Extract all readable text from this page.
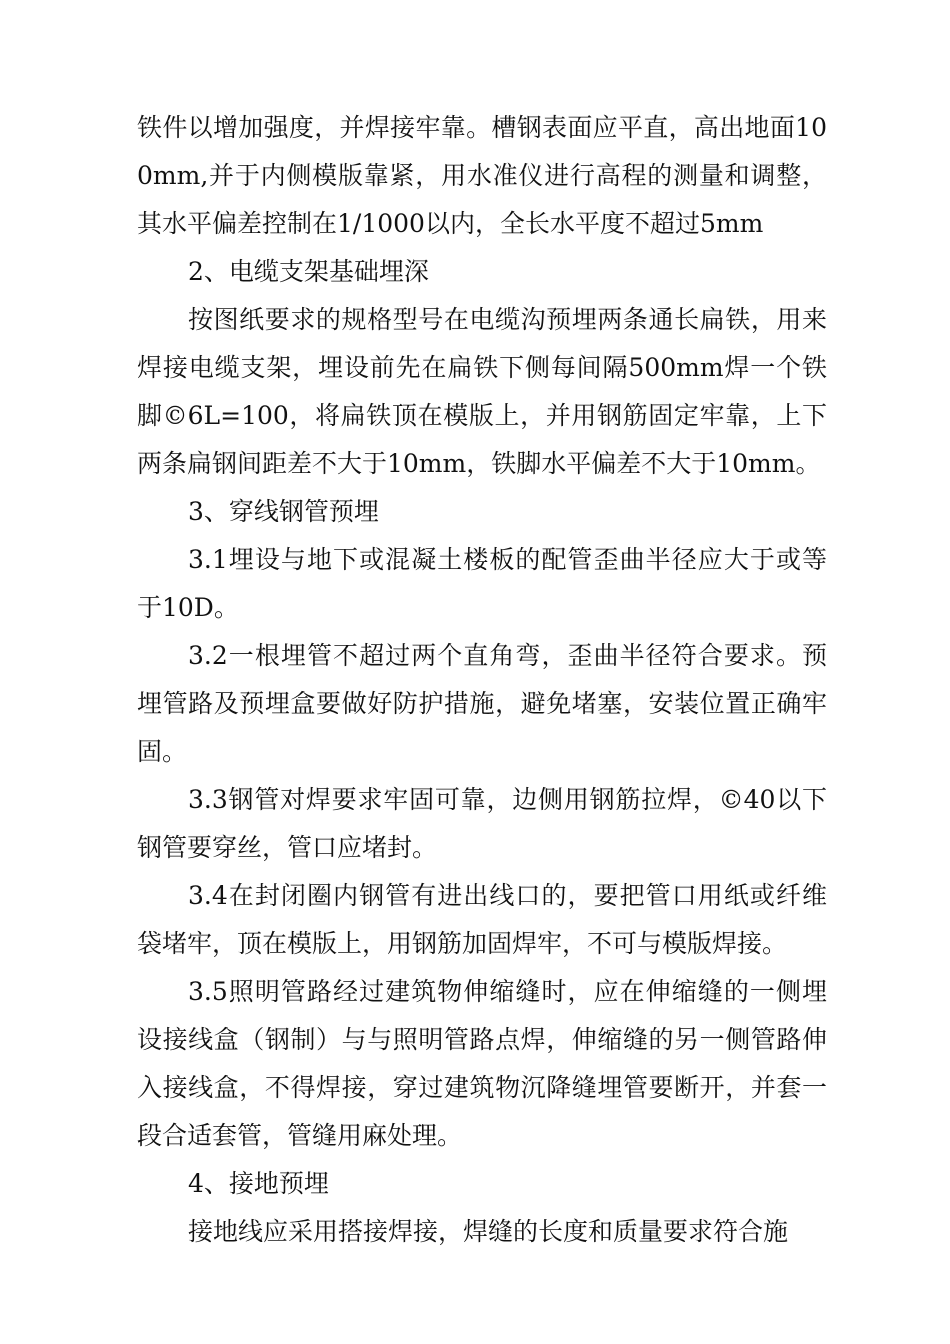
铁件以增加强度，并焊接牢靠。槽钢表面应平直，高出地面100mm,并于内侧模版靠紧，用水准仪进行高程的测量和调整，其水平偏差控制在1/1000以内，全长水平度不超过5mm

2、电缆支架基础埋深

按图纸要求的规格型号在电缆沟预埋两条通长扁铁，用来焊接电缆支架，埋设前先在扁铁下侧每间隔500mm焊一个铁脚©6L=100，将扁铁顶在模版上，并用钢筋固定牢靠，上下两条扁钢间距差不大于10mm，铁脚水平偏差不大于10mm。

3、穿线钢管预埋

3.1埋设与地下或混凝土楼板的配管歪曲半径应大于或等于10D。

3.2一根埋管不超过两个直角弯，歪曲半径符合要求。预埋管路及预埋盒要做好防护措施，避免堵塞，安装位置正确牢固。

3.3钢管对焊要求牢固可靠，边侧用钢筋拉焊，©40以下钢管要穿丝，管口应堵封。

3.4在封闭圈内钢管有进出线口的，要把管口用纸或纤维袋堵牢，顶在模版上，用钢筋加固焊牢，不可与模版焊接。

3.5照明管路经过建筑物伸缩缝时，应在伸缩缝的一侧埋设接线盒（钢制）与与照明管路点焊，伸缩缝的另一侧管路伸入接线盒，不得焊接，穿过建筑物沉降缝埋管要断开，并套一段合适套管，管缝用麻处理。

4、接地预埋

接地线应采用搭接焊接，焊缝的长度和质量要求符合施
